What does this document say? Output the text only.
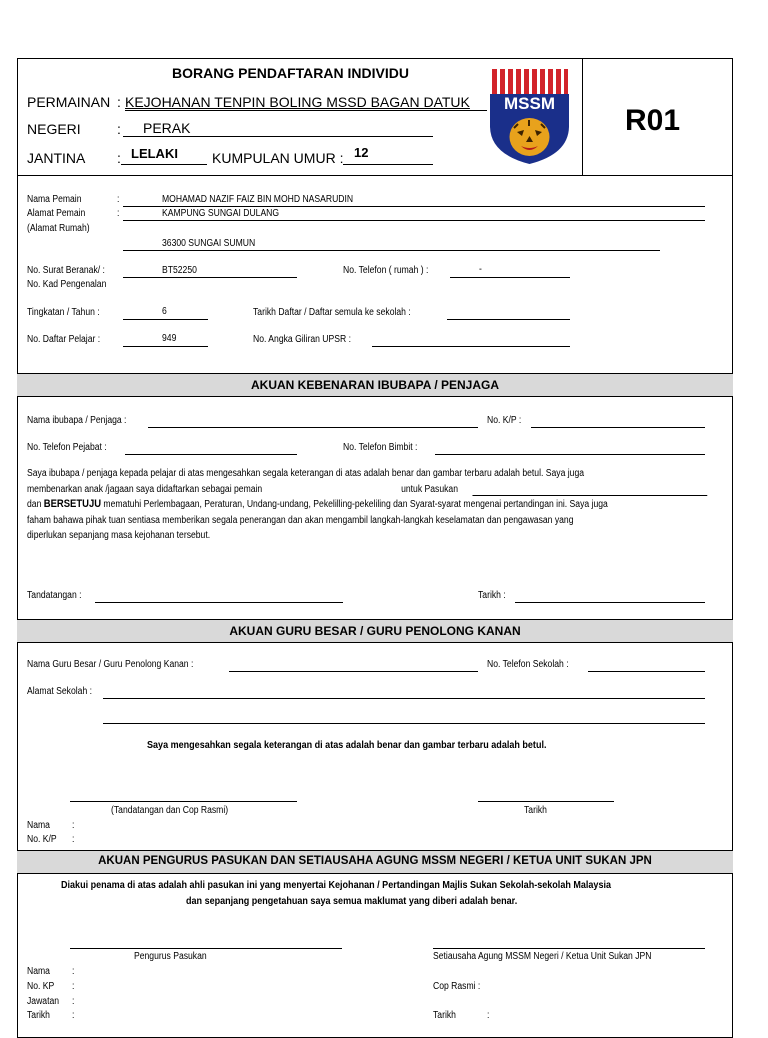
BORANG PENDAFTARAN INDIVIDU
PERMAINAN : KEJOHANAN TENPIN BOLING MSSD BAGAN DATUK
NEGERI	: PERAK
JANTINA : LELAKI KUMPULAN UMUR : 12
MSSM
R01
Nama Pemain	:	MOHAMAD NAZIF FAIZ BIN MOHD NASARUDIN
Alamat Pemain	:	KAMPUNG SUNGAI DULANG
(Alamat Rumah)
36300 SUNGAI SUMUN
No. Surat Beranak/ :
No. Kad Pengenalan
BT52250	No. Telefon ( rumah ) :	-
Tingkatan / Tahun :	6	Tarikh Daftar / Daftar semula ke sekolah :
No. Daftar Pelajar :	949	No. Angka Giliran UPSR :
AKUAN KEBENARAN IBUBAPA / PENJAGA
Nama ibubapa / Penjaga :	No. K/P :
No. Telefon Pejabat :	No. Telefon Bimbit :
Saya ibubapa / penjaga kepada pelajar di atas mengesahkan segala keterangan di atas adalah benar dan gambar terbaru adalah betul. Saya juga
membenarkan anak /jagaan saya didaftarkan sebagai pemain	untuk Pasukan
dan BERSETUJU mematuhi Perlembagaan, Peraturan, Undang-undang, Pekelilling-pekeliling dan Syarat-syarat mengenai pertandingan ini. Saya juga
faham bahawa pihak tuan sentiasa memberikan segala penerangan dan akan mengambil langkah-langkah keselamatan dan pengawasan yang
diperlukan sepanjang masa kejohanan tersebut.
Tandatangan :	Tarikh :
AKUAN GURU BESAR / GURU PENOLONG KANAN
Nama Guru Besar / Guru Penolong Kanan :	No. Telefon Sekolah :
Alamat Sekolah :
Saya mengesahkan segala keterangan di atas adalah benar dan gambar terbaru adalah betul.
(Tandatangan dan Cop Rasmi)	Tarikh
Nama :
No. K/P :
AKUAN PENGURUS PASUKAN DAN SETIAUSAHA AGUNG MSSM NEGERI / KETUA UNIT SUKAN JPN
Diakui penama di atas adalah ahli pasukan ini yang menyertai Kejohanan / Pertandingan Majlis Sukan Sekolah-sekolah Malaysia
dan sepanjang pengetahuan saya semua maklumat yang diberi adalah benar.
Pengurus Pasukan	Setiausaha Agung MSSM Negeri / Ketua Unit Sukan JPN
Nama :
No. KP :
Jawatan :
Tarikh :
Cop Rasmi :
Tarikh	:
